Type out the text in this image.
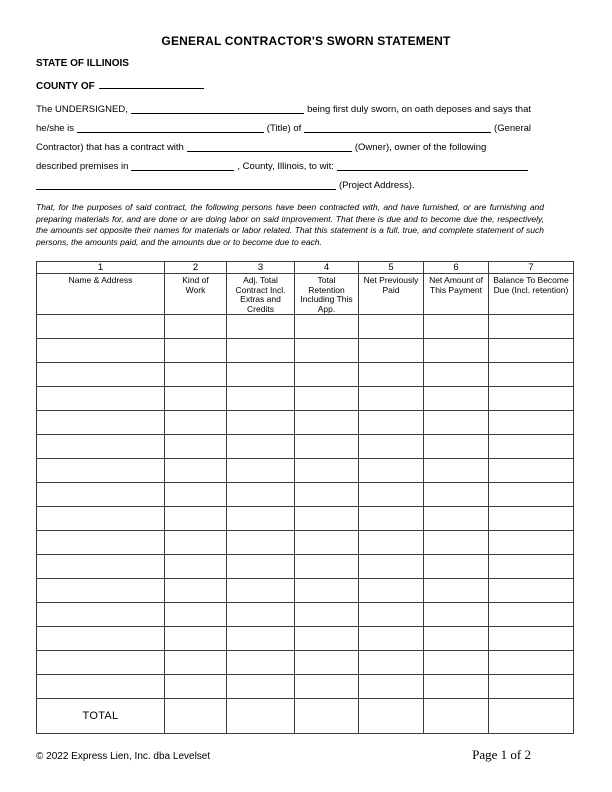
GENERAL CONTRACTOR'S SWORN STATEMENT

STATE OF ILLINOIS

COUNTY OF

The UNDERSIGNED,	being first duly sworn, on oath deposes and says that
he/she is	(Title) of	(General
Contractor) that has a contract with	(Owner), owner of the following
described premises in	, County, Illinois, to wit:
(Project Address).

That, for the purposes of said contract, the following persons have been contracted with, and have furnished, or are furnishing and preparing materials for, and are done or are doing labor on said improvement. That there is due and to become due the, respectively, the amounts set opposite their names for materials or labor related. That this statement is a full, true, and complete statement of such persons, the amounts paid, and the amounts due or to become due to each.

1	2	3	4	5	6	7
Name & Address	Kind of Work	Adj. Total Contract Incl. Extras and Credits	Total Retention Including This App.	Net Previously Paid	Net Amount of This Payment	Balance To Become Due (Incl. retention)

TOTAL						
© 2022 Express Lien, Inc. dba Levelset	Page 1 of 2
